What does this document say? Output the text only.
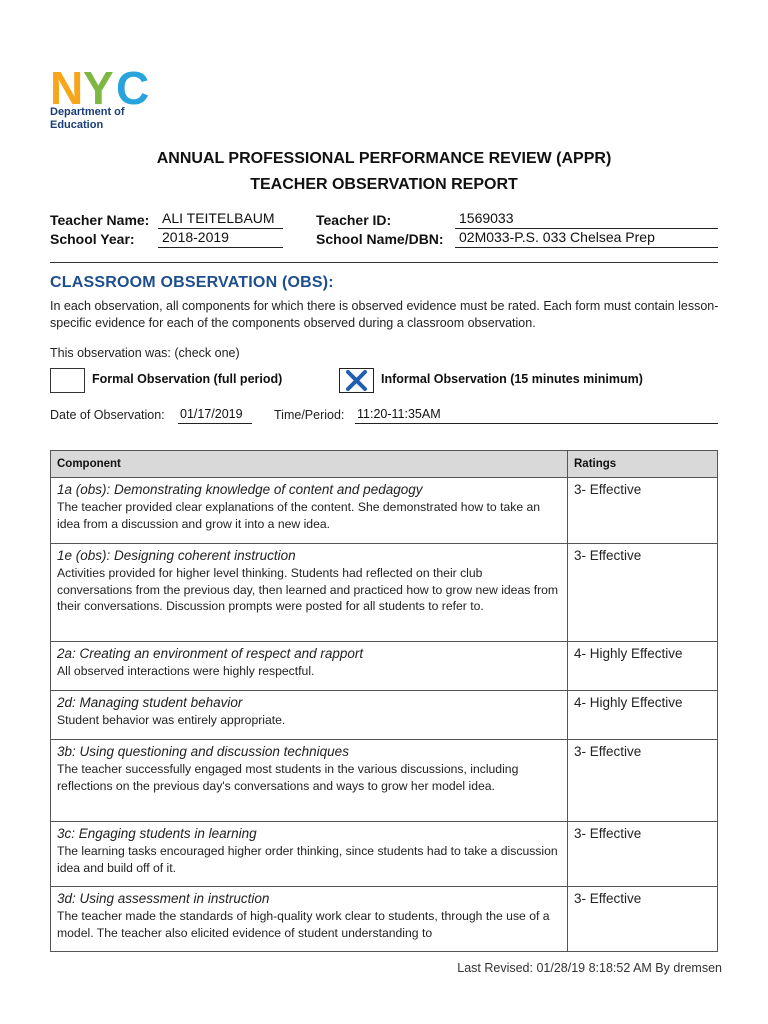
N Y C
Department of
Education
ANNUAL PROFESSIONAL PERFORMANCE REVIEW (APPR)
TEACHER OBSERVATION REPORT
Teacher Name: ALI TEITELBAUM	Teacher ID:	1569033
School Year: 2018-2019	School Name/DBN: 02M033-P.S. 033 Chelsea Prep
CLASSROOM OBSERVATION (OBS):
In each observation, all components for which there is observed evidence must be rated. Each form must contain lesson-specific evidence for each of the components observed during a classroom observation.
This observation was: (check one)
Formal Observation (full period)	Informal Observation (15 minutes minimum)
Date of Observation: 01/17/2019	Time/Period: 11:20-11:35AM
Component	Ratings

1a (obs): Demonstrating knowledge of content and pedagogy
The teacher provided clear explanations of the content. She demonstrated how to take an idea from a discussion and grow it into a new idea.	3- Effective

1e (obs): Designing coherent instruction
Activities provided for higher level thinking. Students had reflected on their club conversations from the previous day, then learned and practiced how to grow new ideas from their conversations. Discussion prompts were posted for all students to refer to.	3- Effective

2a: Creating an environment of respect and rapport
All observed interactions were highly respectful.	4- Highly Effective

2d: Managing student behavior
Student behavior was entirely appropriate.	4- Highly Effective

3b: Using questioning and discussion techniques
The teacher successfully engaged most students in the various discussions, including reflections on the previous day's conversations and ways to grow her model idea.	3- Effective

3c: Engaging students in learning
The learning tasks encouraged higher order thinking, since students had to take a discussion idea and build off of it.	3- Effective

3d: Using assessment in instruction
The teacher made the standards of high-quality work clear to students, through the use of a model. The teacher also elicited evidence of student understanding to	3- Effective
Last Revised: 01/28/19 8:18:52 AM By dremsen
